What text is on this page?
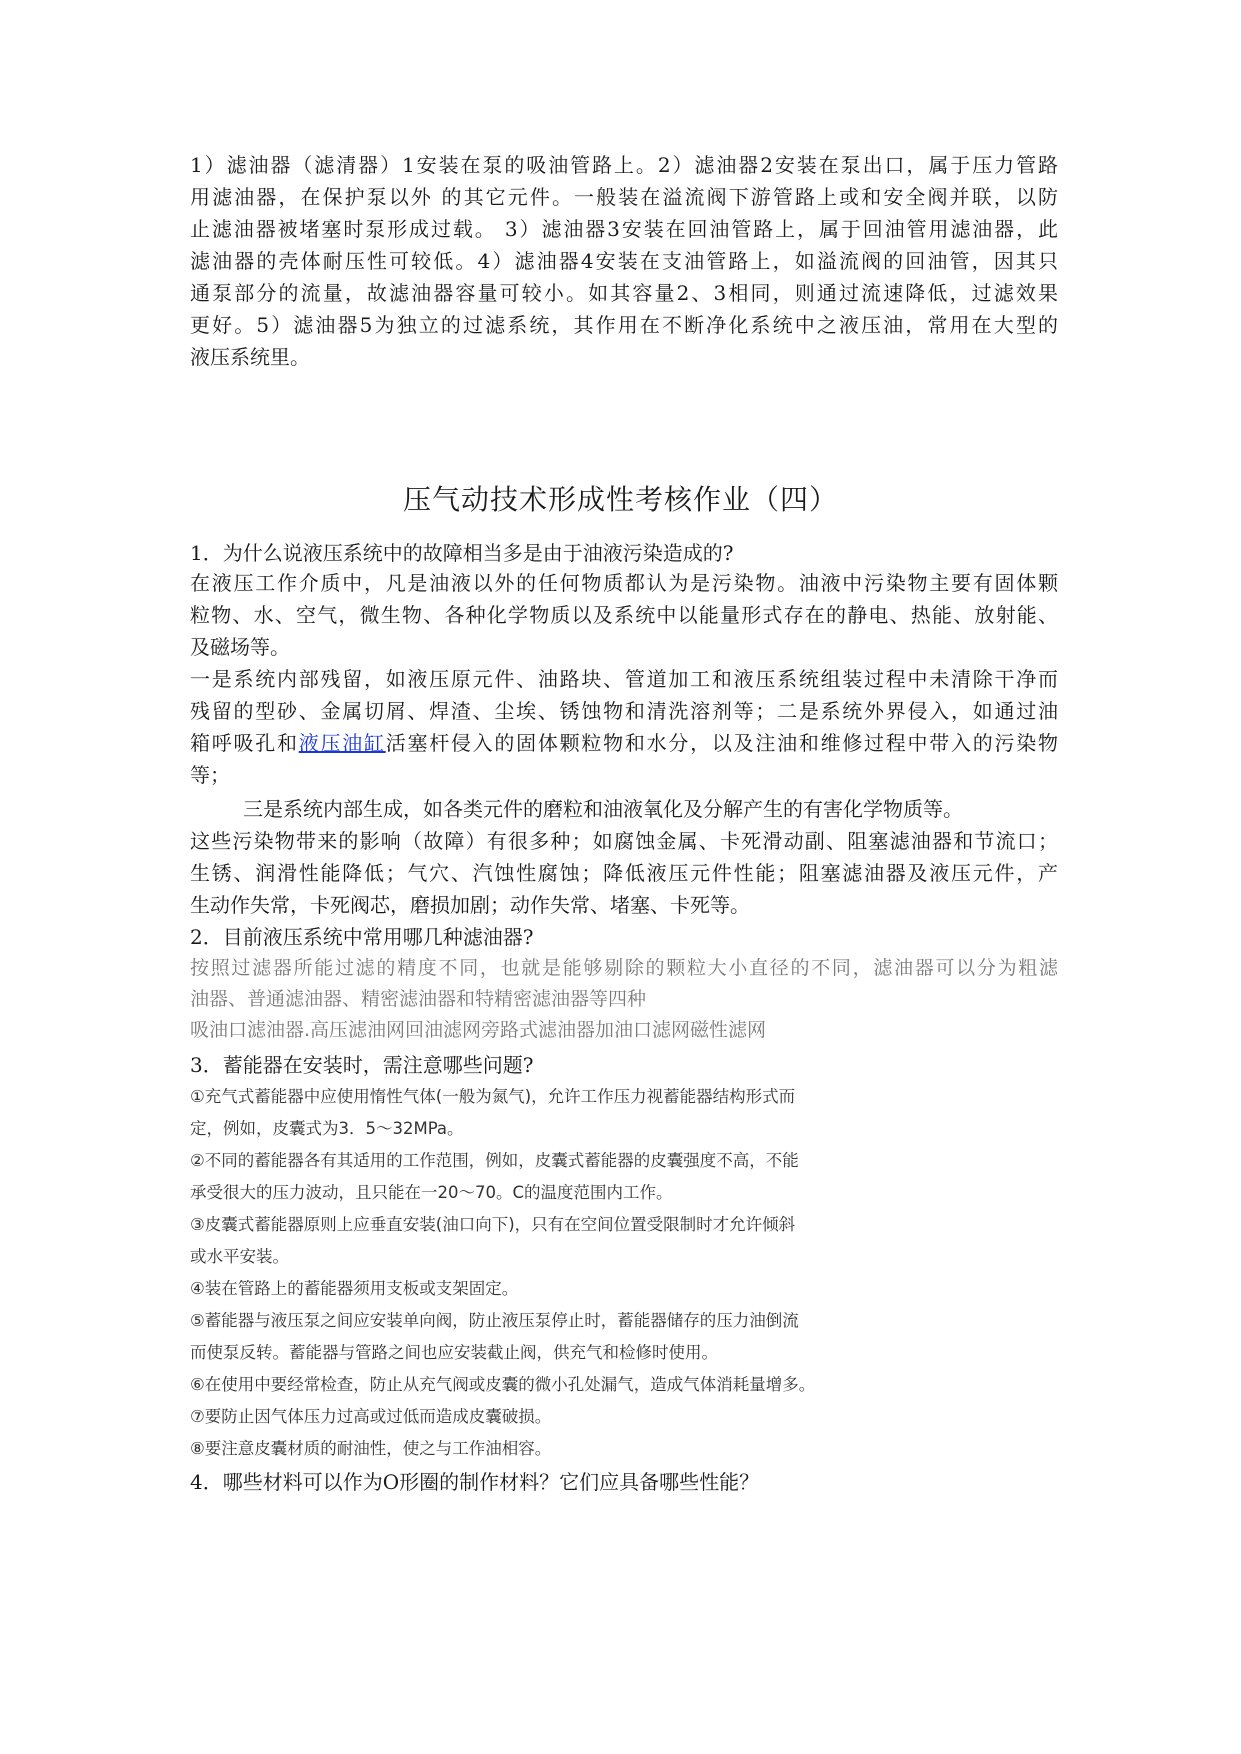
1）滤油器（滤清器）1安装在泵的吸油管路上。2）滤油器2安装在泵出口，属于压力管路
用滤油器，在保护泵以外 的其它元件。一般装在溢流阀下游管路上或和安全阀并联，以防
止滤油器被堵塞时泵形成过载。 3）滤油器3安装在回油管路上，属于回油管用滤油器，此
滤油器的壳体耐压性可较低。4）滤油器4安装在支油管路上，如溢流阀的回油管，因其只
通泵部分的流量，故滤油器容量可较小。如其容量2、3相同，则通过流速降低，过滤效果
更好。5）滤油器5为独立的过滤系统，其作用在不断净化系统中之液压油，常用在大型的
液压系统里。
压气动技术形成性考核作业（四）
1．为什么说液压系统中的故障相当多是由于油液污染造成的?
在液压工作介质中，凡是油液以外的任何物质都认为是污染物。油液中污染物主要有固体颗
粒物、水、空气，微生物、各种化学物质以及系统中以能量形式存在的静电、热能、放射能、
及磁场等。
一是系统内部残留，如液压原元件、油路块、管道加工和液压系统组装过程中未清除干净而
残留的型砂、金属切屑、焊渣、尘埃、锈蚀物和清洗溶剂等；二是系统外界侵入，如通过油
箱呼吸孔和液压油缸活塞杆侵入的固体颗粒物和水分，以及注油和维修过程中带入的污染物
等；
三是系统内部生成，如各类元件的磨粒和油液氧化及分解产生的有害化学物质等。
这些污染物带来的影响（故障）有很多种；如腐蚀金属、卡死滑动副、阻塞滤油器和节流口；
生锈、润滑性能降低；气穴、汽蚀性腐蚀；降低液压元件性能；阻塞滤油器及液压元件，产
生动作失常，卡死阀芯，磨损加剧；动作失常、堵塞、卡死等。
2．目前液压系统中常用哪几种滤油器?
按照过滤器所能过滤的精度不同，也就是能够剔除的颗粒大小直径的不同，滤油器可以分为粗滤
油器、普通滤油器、精密滤油器和特精密滤油器等四种
吸油口滤油器.高压滤油网回油滤网旁路式滤油器加油口滤网磁性滤网
3．蓄能器在安装时，需注意哪些问题?
①充气式蓄能器中应使用惰性气体(一般为氮气)，允许工作压力视蓄能器结构形式而
定，例如，皮囊式为3．5～32MPa。
②不同的蓄能器各有其适用的工作范围，例如，皮囊式蓄能器的皮囊强度不高，不能
承受很大的压力波动，且只能在一20～70。C的温度范围内工作。
③皮囊式蓄能器原则上应垂直安装(油口向下)，只有在空间位置受限制时才允许倾斜
或水平安装。
④装在管路上的蓄能器须用支板或支架固定。
⑤蓄能器与液压泵之间应安装单向阀，防止液压泵停止时，蓄能器储存的压力油倒流
而使泵反转。蓄能器与管路之间也应安装截止阀，供充气和检修时使用。
⑥在使用中要经常检查，防止从充气阀或皮囊的微小孔处漏气，造成气体消耗量增多。
⑦要防止因气体压力过高或过低而造成皮囊破损。
⑧要注意皮囊材质的耐油性，使之与工作油相容。
4．哪些材料可以作为O形圈的制作材料？它们应具备哪些性能？
